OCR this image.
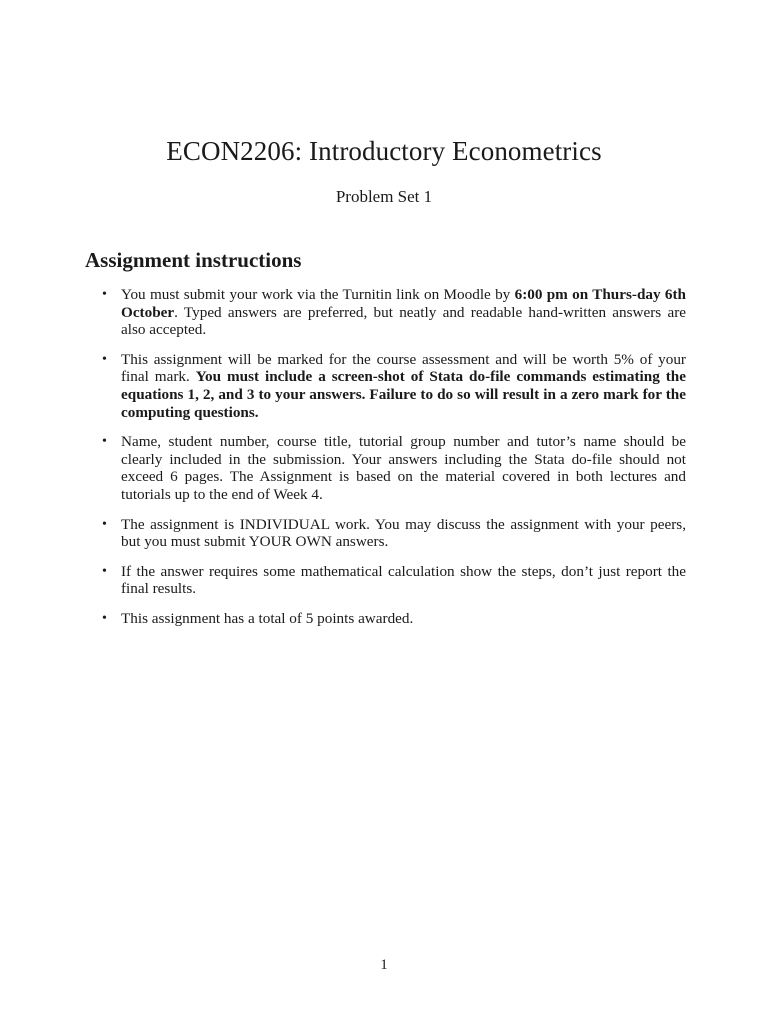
ECON2206: Introductory Econometrics
Problem Set 1
Assignment instructions
• You must submit your work via the Turnitin link on Moodle by 6:00 pm on Thurs-day 6th October. Typed answers are preferred, but neatly and readable hand-written answers are also accepted.
• This assignment will be marked for the course assessment and will be worth 5% of your final mark. You must include a screen-shot of Stata do-file commands estimating the equations 1, 2, and 3 to your answers. Failure to do so will result in a zero mark for the computing questions.
• Name, student number, course title, tutorial group number and tutor’s name should be clearly included in the submission. Your answers including the Stata do-file should not exceed 6 pages. The Assignment is based on the material covered in both lectures and tutorials up to the end of Week 4.
• The assignment is INDIVIDUAL work. You may discuss the assignment with your peers, but you must submit YOUR OWN answers.
• If the answer requires some mathematical calculation show the steps, don’t just report the final results.
• This assignment has a total of 5 points awarded.
1
